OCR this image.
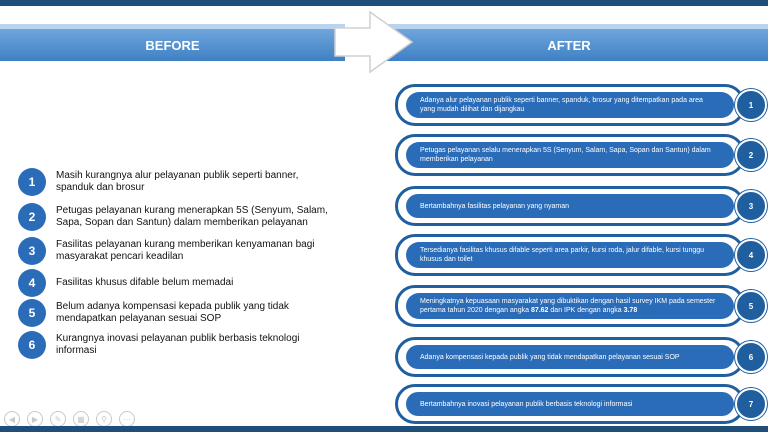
BEFORE	AFTER
1	Masih kurangnya alur pelayanan publik seperti banner, spanduk dan brosur
2	Petugas pelayanan kurang menerapkan 5S (Senyum, Salam, Sapa, Sopan dan Santun) dalam memberikan pelayanan
3	Fasilitas pelayanan kurang memberikan kenyamanan bagi masyarakat pencari keadilan
4	Fasilitas khusus difable belum memadai
5	Belum adanya kompensasi kepada publik yang tidak mendapatkan pelayanan sesuai SOP
6	Kurangnya inovasi pelayanan publik berbasis teknologi informasi
Adanya alur pelayanan publik seperti banner, spanduk, brosur yang ditempatkan pada area yang mudah dilihat dan dijangkau	1
Petugas pelayanan selalu menerapkan 5S (Senyum, Salam, Sapa, Sopan dan Santun) dalam memberikan pelayanan	2
Bertambahnya fasilitas pelayanan yang nyaman	3
Tersedianya fasilitas khusus difable seperti area parkir, kursi roda, jalur difable, kursi tunggu khusus dan toilet	4
Meningkatnya kepuasaan masyarakat yang dibuktikan dengan hasil survey IKM pada semester pertama tahun 2020 dengan angka 87.62 dan IPK dengan angka 3.78	5
Adanya kompensasi kepada publik yang tidak mendapatkan pelayanan sesuai SOP	6
Bertambahnya inovasi pelayanan publik berbasis teknologi informasi	7
◀	▶	✎	▦	⚲	⋯
